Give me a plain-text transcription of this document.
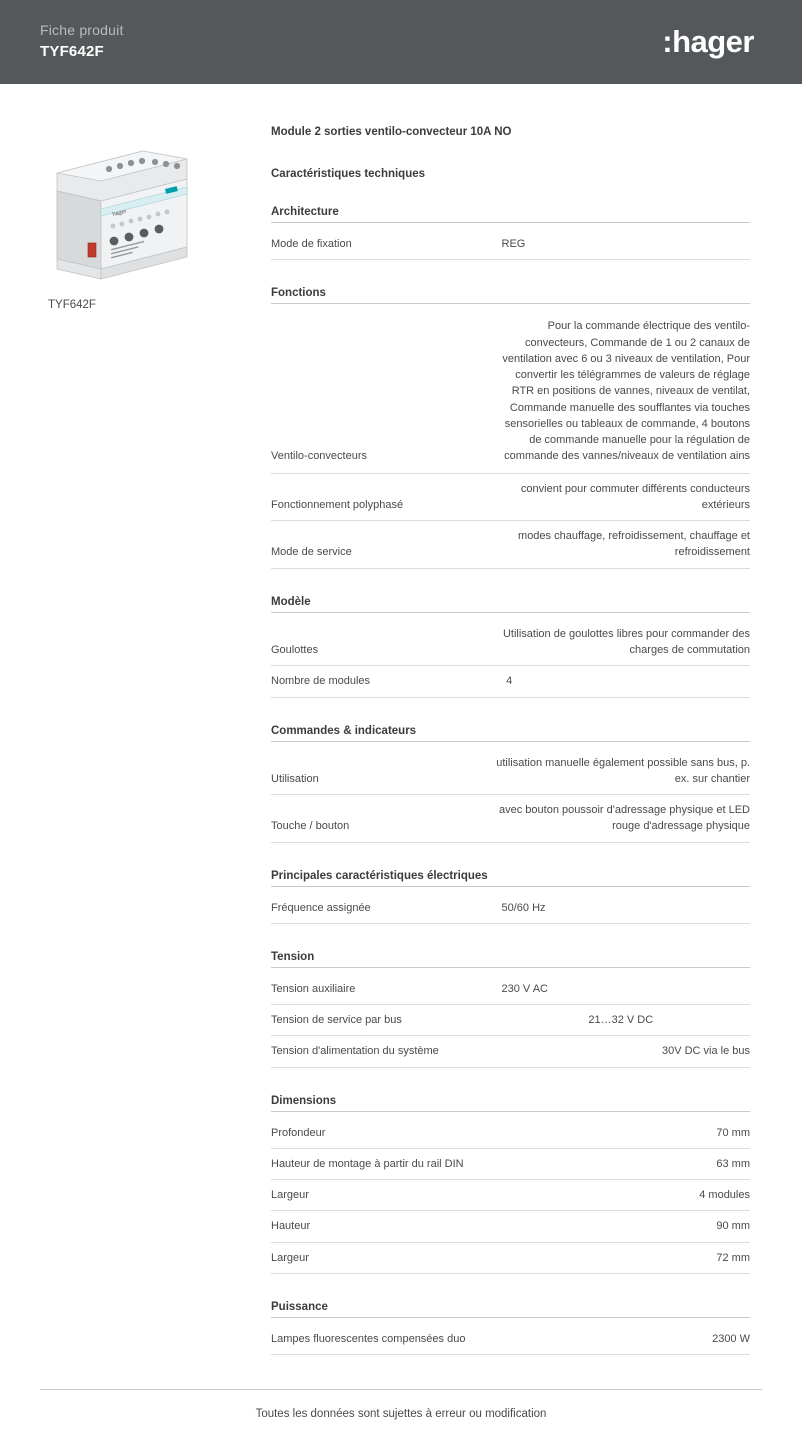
Fiche produit
TYF642F	:hager
hager
TYF642F
Module 2 sorties ventilo-convecteur 10A NO
Caractéristiques techniques
Architecture
Mode de fixation	REG
Fonctions
Ventilo-convecteurs	Pour la commande électrique des ventilo-convecteurs, Commande de 1 ou 2 canaux de ventilation avec 6 ou 3 niveaux de ventilation, Pour convertir les télégrammes de valeurs de réglage RTR en positions de vannes, niveaux de ventilat, Commande manuelle des soufflantes via touches sensorielles ou tableaux de commande, 4 boutons de commande manuelle pour la régulation de commande des vannes/niveaux de ventilation ains
Fonctionnement polyphasé	convient pour commuter différents conducteurs extérieurs
Mode de service	modes chauffage, refroidissement, chauffage et refroidissement
Modèle
Goulottes	Utilisation de goulottes libres pour commander des charges de commutation
Nombre de modules	4
Commandes & indicateurs
Utilisation	utilisation manuelle également possible sans bus, p. ex. sur chantier
Touche / bouton	avec bouton poussoir d'adressage physique et LED rouge d'adressage physique
Principales caractéristiques électriques
Fréquence assignée	50/60 Hz
Tension
Tension auxiliaire	230 V AC
Tension de service par bus	21…32 V DC
Tension d'alimentation du système	30V DC via le bus
Dimensions
Profondeur	70 mm
Hauteur de montage à partir du rail DIN	63 mm
Largeur	4 modules
Hauteur	90 mm
Largeur	72 mm
Puissance
Lampes fluorescentes compensées duo	2300 W
Toutes les données sont sujettes à erreur ou modification
